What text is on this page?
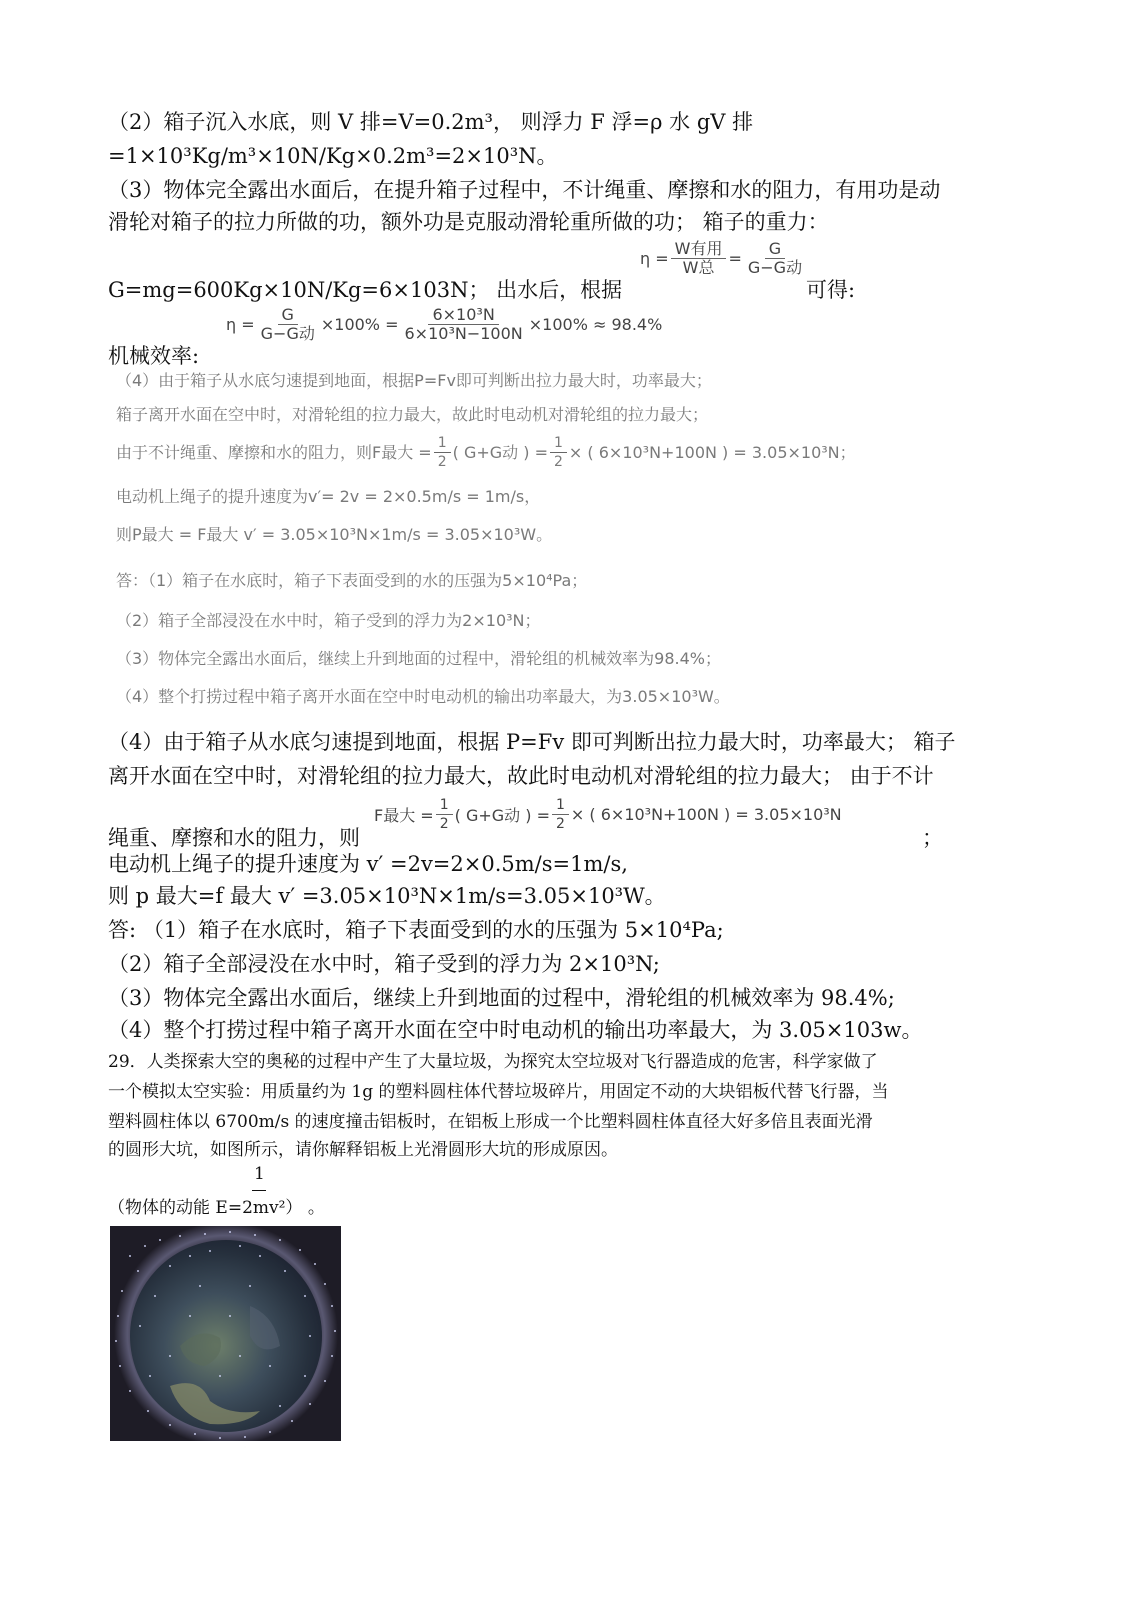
（2）箱子沉入水底，则 V 排=V=0.2m³， 则浮力 F 浮=ρ 水 gV 排
=1×10³Kg/m³×10N/Kg×0.2m³=2×10³N。
（3）物体完全露出水面后，在提升箱子过程中，不计绳重、摩擦和水的阻力，有用功是动
滑轮对箱子的拉力所做的功，额外功是克服动滑轮重所做的功； 箱子的重力：
$\eta = \frac{\text{W有用}}{\text{W总}} = \frac{G}{\text{G−G动}}$
G=mg=600Kg×10N/Kg=6×103N； 出水后，根据	可得:
$\eta = \frac{G}{\text{G−G动}} \times 100\% = \frac{\text{6×10³N}}{\text{6×10³N−100N}} \times 100\% \approx 98.4\%$
机械效率:
（4）由于箱子从水底匀速提到地面，根据P=Fv即可判断出拉力最大时，功率最大；
箱子离开水面在空中时，对滑轮组的拉力最大，故此时电动机对滑轮组的拉力最大；
由于不计绳重、摩擦和水的阻力，则F最大 = $\frac{1}{2}$ ( G+G动 ) = $\frac{1}{2}$ × ( 6×10³N+100N ) = 3.05×10³N；
电动机上绳子的提升速度为v′= 2v = 2×0.5m/s = 1m/s，
则P最大 = F最大 v′ = 3.05×10³N×1m/s = 3.05×10³W。
答：（1）箱子在水底时，箱子下表面受到的水的压强为5×10⁴Pa；
（2）箱子全部浸没在水中时，箱子受到的浮力为2×10³N；
（3）物体完全露出水面后，继续上升到地面的过程中，滑轮组的机械效率为98.4%；
（4）整个打捞过程中箱子离开水面在空中时电动机的输出功率最大，为3.05×10³W。
（4）由于箱子从水底匀速提到地面，根据 P=Fv 即可判断出拉力最大时，功率最大； 箱子
离开水面在空中时，对滑轮组的拉力最大，故此时电动机对滑轮组的拉力最大； 由于不计
F最大 = $\frac{1}{2}$ ( G+G动 ) = $\frac{1}{2}$ × ( 6×10³N+100N ) = 3.05×10³N
绳重、摩擦和水的阻力，则	；
电动机上绳子的提升速度为 v′ =2v=2×0.5m/s=1m/s,
则 p 最大=f 最大 v′ =3.05×10³N×1m/s=3.05×10³W。
答: （1）箱子在水底时，箱子下表面受到的水的压强为 5×10⁴Pa;
（2）箱子全部浸没在水中时，箱子受到的浮力为 2×10³N;
（3）物体完全露出水面后，继续上升到地面的过程中，滑轮组的机械效率为 98.4%;
（4）整个打捞过程中箱子离开水面在空中时电动机的输出功率最大，为 3.05×103w。
29．人类探索大空的奥秘的过程中产生了大量垃圾，为探究太空垃圾对飞行器造成的危害，科学家做了
一个模拟太空实验：用质量约为 1g 的塑料圆柱体代替垃圾碎片，用固定不动的大块铝板代替飞行器，当
塑料圆柱体以 6700m/s 的速度撞击铝板时，在铝板上形成一个比塑料圆柱体直径大好多倍且表面光滑
的圆形大坑，如图所示，请你解释铝板上光滑圆形大坑的形成原因。
1
（物体的动能 E=2mv²） 。
